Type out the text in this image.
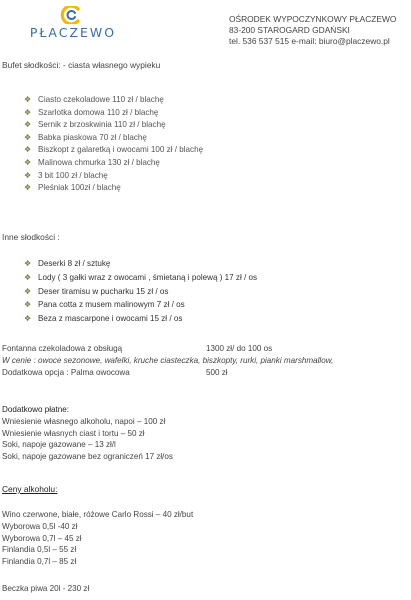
PŁACZEWO
OŚRODEK WYPOCZYNKOWY PŁACZEWO
83-200 STAROGARD GDAŃSKI
tel. 536 537 515 e-mail: biuro@placzewo.pl
Bufet słodkości: - ciasta własnego wypieku
❖ Ciasto czekoladowe 110 zł / blachę
❖ Szarlotka domowa 110 zł / blachę
❖ Sernik z brzoskwinia 110 zł / blachę
❖ Babka piaskowa 70 zł / blachę
❖ Biszkopt z galaretką i owocami 100 zł / blachę
❖ Malinowa chmurka 130 zł / blachę
❖ 3 bit 100 zł / blachę
❖ Pleśniak 100zł / blachę
Inne słodkości :
❖ Deserki 8 zł / sztukę
❖ Lody ( 3 gałki wraz z owocami , śmietaną i polewą ) 17 zł / os
❖ Deser tiramisu w pucharku 15 zł / os
❖ Pana cotta z musem malinowym 7 zł / os
❖ Beza z mascarpone i owocami 15 zł / os
Fontanna czekoladowa z obsługą	1300 zł/ do 100 os
W cenie : owoce sezonowe, wafelki, kruche ciasteczka, biszkopty, rurki, pianki marshmallow,
Dodatkowa opcja : Palma owocowa	500 zł
Dodatkowo płatne:
Wniesienie własnego alkoholu, napoi – 100 zł
Wniesienie własnych ciast i tortu – 50 zł
Soki, napoje gazowane – 13 zł/l
Soki, napoje gazowane bez ograniczeń 17 zł/os
Ceny alkoholu:
Wino czerwone, białe, różowe Carlo Rossi – 40 zł/but
Wyborowa 0,5l -40 zł
Wyborowa 0,7l – 45 zł
Finlandia 0,5l – 55 zł
Finlandia 0,7l – 85 zł
Beczka piwa 20l - 230 zł
